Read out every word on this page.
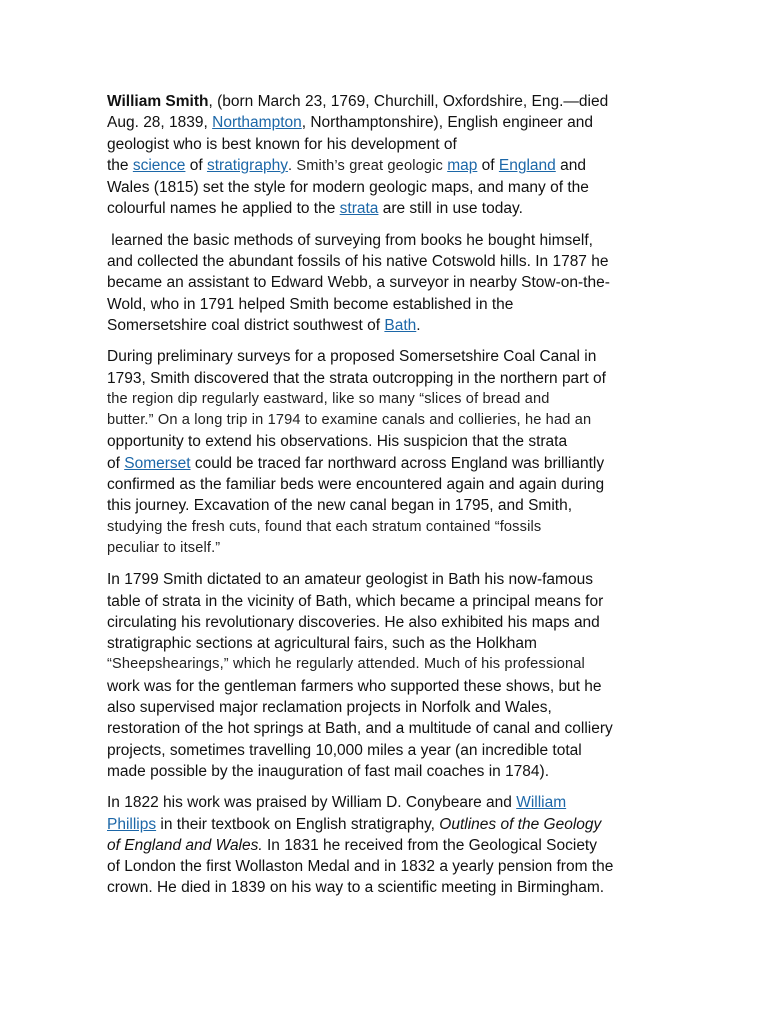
William Smith, (born March 23, 1769, Churchill, Oxfordshire, Eng.—died
Aug. 28, 1839, Northampton, Northamptonshire), English engineer and
geologist who is best known for his development of
the science of stratigraphy. Smith’s great geologic map of England and
Wales (1815) set the style for modern geologic maps, and many of the
colourful names he applied to the strata are still in use today.

learned the basic methods of surveying from books he bought himself,
and collected the abundant fossils of his native Cotswold hills. In 1787 he
became an assistant to Edward Webb, a surveyor in nearby Stow-on-the-
Wold, who in 1791 helped Smith become established in the
Somersetshire coal district southwest of Bath.

During preliminary surveys for a proposed Somersetshire Coal Canal in
1793, Smith discovered that the strata outcropping in the northern part of
the region dip regularly eastward, like so many “slices of bread and
butter.” On a long trip in 1794 to examine canals and collieries, he had an
opportunity to extend his observations. His suspicion that the strata
of Somerset could be traced far northward across England was brilliantly
confirmed as the familiar beds were encountered again and again during
this journey. Excavation of the new canal began in 1795, and Smith,
studying the fresh cuts, found that each stratum contained “fossils
peculiar to itself.”

In 1799 Smith dictated to an amateur geologist in Bath his now-famous
table of strata in the vicinity of Bath, which became a principal means for
circulating his revolutionary discoveries. He also exhibited his maps and
stratigraphic sections at agricultural fairs, such as the Holkham
“Sheepshearings,” which he regularly attended. Much of his professional
work was for the gentleman farmers who supported these shows, but he
also supervised major reclamation projects in Norfolk and Wales,
restoration of the hot springs at Bath, and a multitude of canal and colliery
projects, sometimes travelling 10,000 miles a year (an incredible total
made possible by the inauguration of fast mail coaches in 1784).

In 1822 his work was praised by William D. Conybeare and William
Phillips in their textbook on English stratigraphy, Outlines of the Geology
of England and Wales. In 1831 he received from the Geological Society
of London the first Wollaston Medal and in 1832 a yearly pension from the
crown. He died in 1839 on his way to a scientific meeting in Birmingham.
